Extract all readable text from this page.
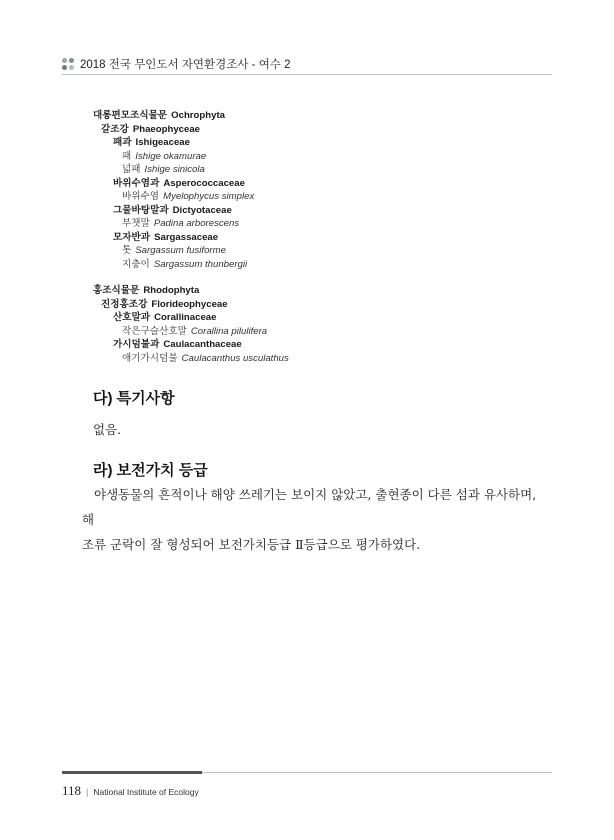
2018 전국 무인도서 자연환경조사 - 여수 2
대롱편모조식물문 Ochrophyta
갈조강 Phaeophyceae
패과 Ishigeaceae
패 Ishige okamurae
넓패 Ishige sinicola
바위수염과 Asperococcaceae
바위수염 Myelophycus simplex
그물바탕말과 Dictyotaceae
부챗말 Padina arborescens
모자반과 Sargassaceae
톳 Sargassum fusiforme
지충이 Sargassum thunbergii
홍조식물문 Rhodophyta
진정홍조강 Florideophyceae
산호말과 Corallinaceae
작은구슬산호말 Corallina pilulifera
가시덤불과 Caulacanthaceae
애기가시덤불 Caulacanthus usculathus
다) 특기사항
없음.
라) 보전가치 등급
야생동물의 흔적이나 해양 쓰레기는 보이지 않았고, 출현종이 다른 섬과 유사하며, 해
조류 군락이 잘 형성되어 보전가치등급 Ⅱ등급으로 평가하였다.
118 | National Institute of Ecology
